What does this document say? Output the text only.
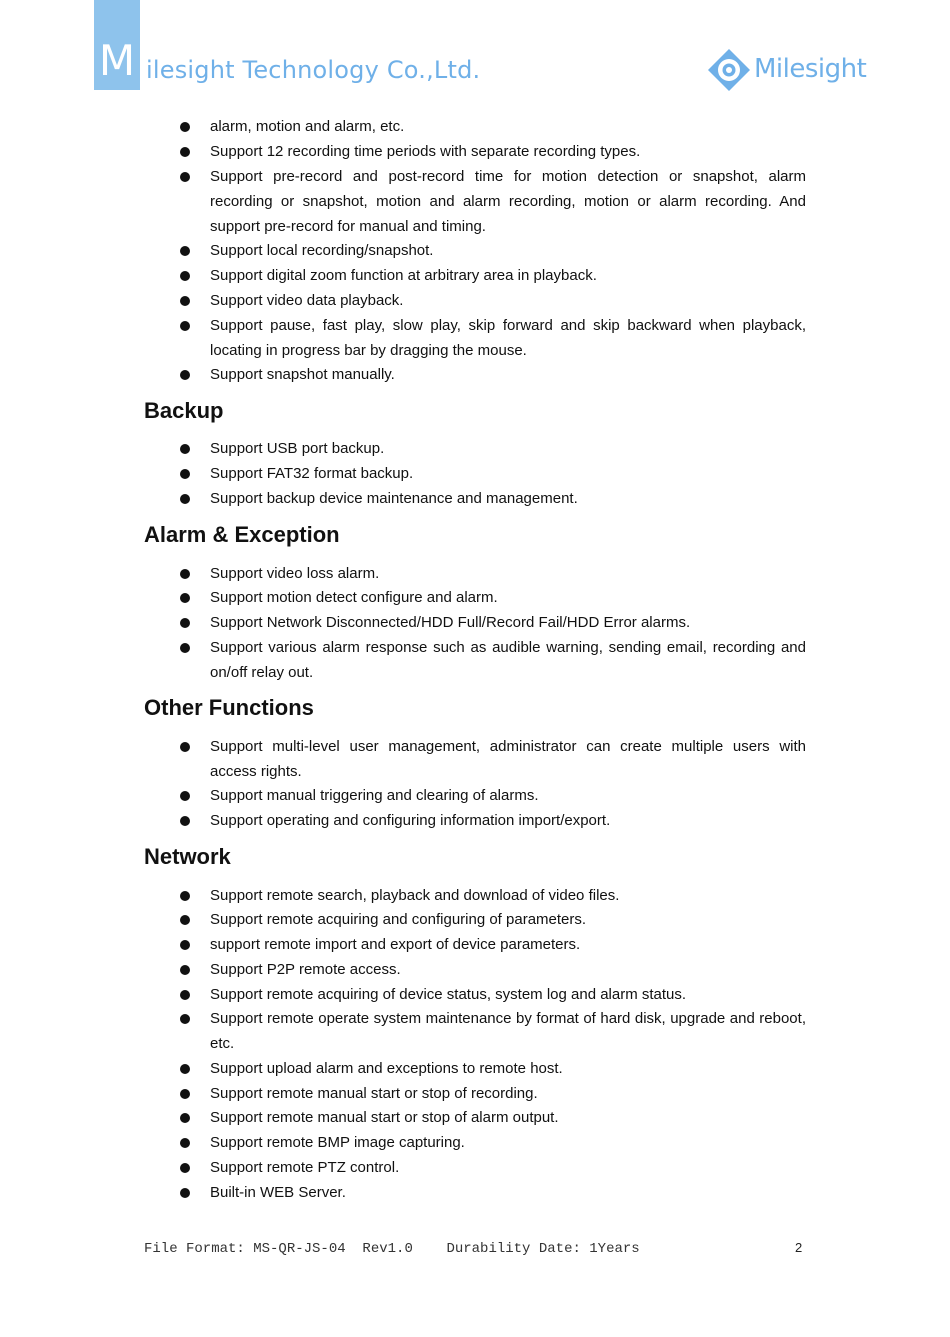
M ilesight Technology Co.,Ltd.	Milesight
alarm, motion and alarm, etc.
Support 12 recording time periods with separate recording types.
Support pre-record and post-record time for motion detection or snapshot, alarm recording or snapshot, motion and alarm recording, motion or alarm recording. And support pre-record for manual and timing.
Support local recording/snapshot.
Support digital zoom function at arbitrary area in playback.
Support video data playback.
Support pause, fast play, slow play, skip forward and skip backward when playback, locating in progress bar by dragging the mouse.
Support snapshot manually.
Backup
Support USB port backup.
Support FAT32 format backup.
Support backup device maintenance and management.
Alarm & Exception
Support video loss alarm.
Support motion detect configure and alarm.
Support Network Disconnected/HDD Full/Record Fail/HDD Error alarms.
Support various alarm response such as audible warning, sending email, recording and on/off relay out.
Other Functions
Support multi-level user management, administrator can create multiple users with access rights.
Support manual triggering and clearing of alarms.
Support operating and configuring information import/export.
Network
Support remote search, playback and download of video files.
Support remote acquiring and configuring of parameters.
support remote import and export of device parameters.
Support P2P remote access.
Support remote acquiring of device status, system log and alarm status.
Support remote operate system maintenance by format of hard disk, upgrade and reboot, etc.
Support upload alarm and exceptions to remote host.
Support remote manual start or stop of recording.
Support remote manual start or stop of alarm output.
Support remote BMP image capturing.
Support remote PTZ control.
Built-in WEB Server.
File Format: MS-QR-JS-04  Rev1.0    Durability Date: 1Years	2
